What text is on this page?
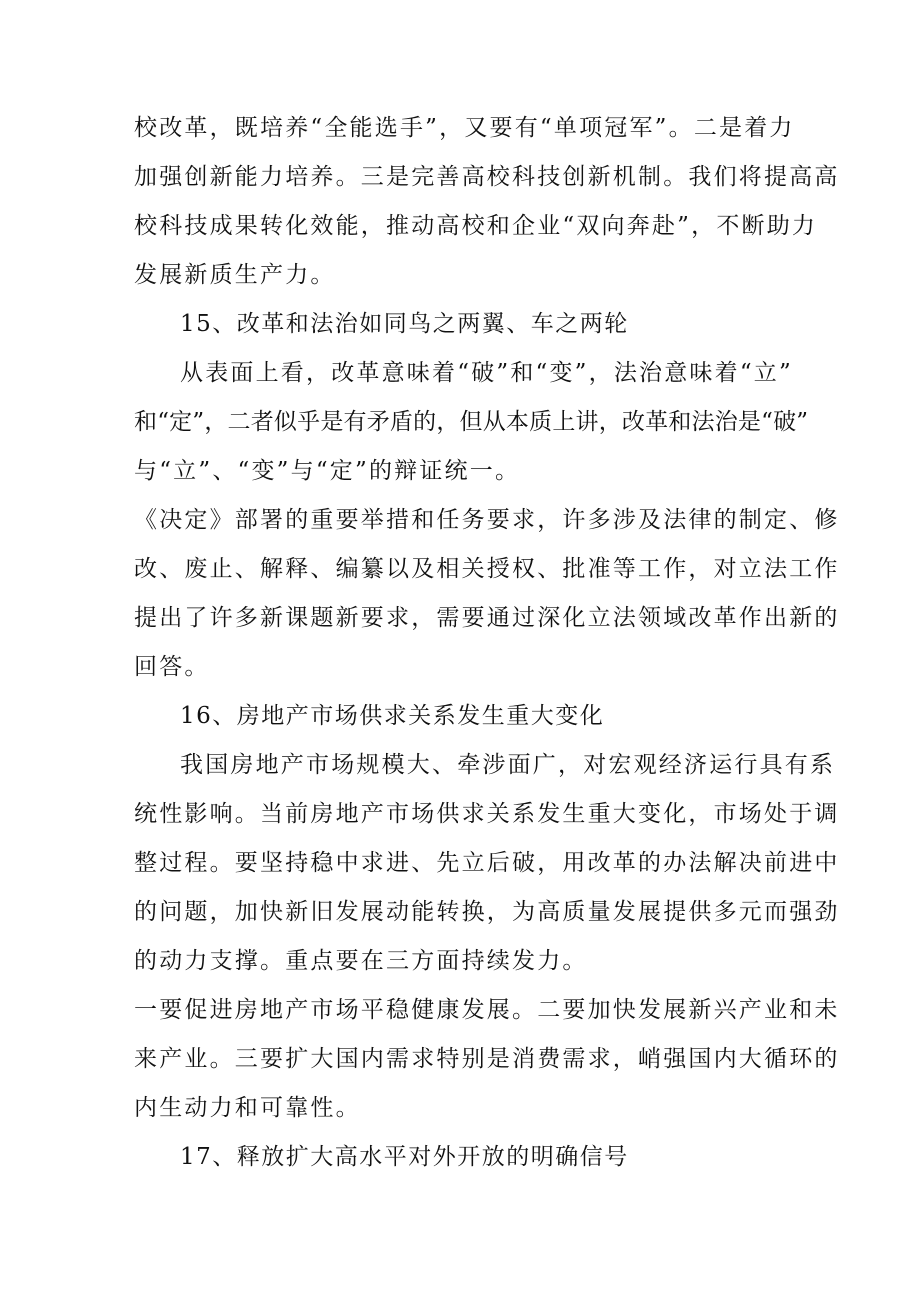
校改革，既培养“全能选手”，又要有“单项冠军”。二是着力
加强创新能力培养。三是完善高校科技创新机制。我们将提高高
校科技成果转化效能，推动高校和企业“双向奔赴”，不断助力
发展新质生产力。
15、改革和法治如同鸟之两翼、车之两轮
从表面上看，改革意味着“破”和“变”，法治意味着“立”
和“定”，二者似乎是有矛盾的，但从本质上讲，改革和法治是“破”
与“立”、“变”与“定”的辩证统一。
《决定》部署的重要举措和任务要求，许多涉及法律的制定、修
改、废止、解释、编纂以及相关授权、批准等工作，对立法工作
提出了许多新课题新要求，需要通过深化立法领域改革作出新的
回答。
16、房地产市场供求关系发生重大变化
我国房地产市场规模大、牵涉面广，对宏观经济运行具有系
统性影响。当前房地产市场供求关系发生重大变化，市场处于调
整过程。要坚持稳中求进、先立后破，用改革的办法解决前进中
的问题，加快新旧发展动能转换，为高质量发展提供多元而强劲
的动力支撑。重点要在三方面持续发力。
一要促进房地产市场平稳健康发展。二要加快发展新兴产业和未
来产业。三要扩大国内需求特别是消费需求，峭强国内大循环的
内生动力和可靠性。
17、释放扩大高水平对外开放的明确信号
